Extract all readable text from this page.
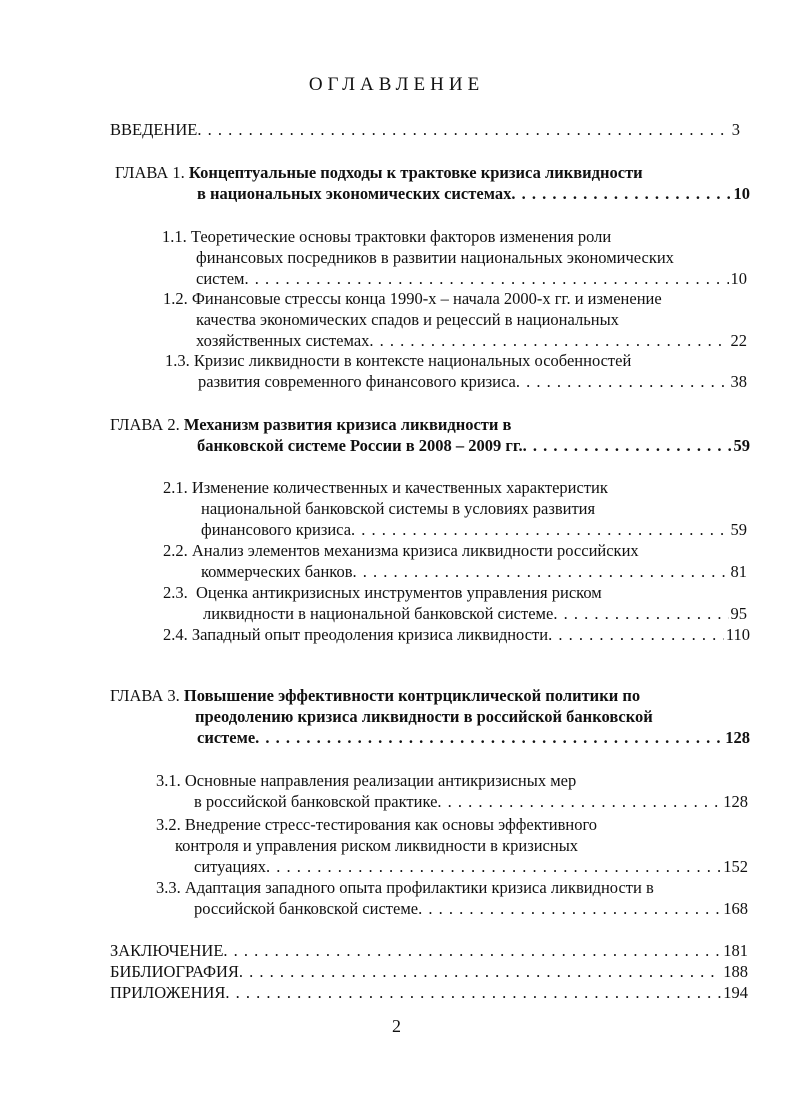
ОГЛАВЛЕНИЕ
ВВЕДЕНИЕ . . .	3
ГЛАВА 1. Концептуальные подходы к трактовке кризиса ликвидности
в национальных экономических системах . . .	10
1.1. Теоретические основы трактовки факторов изменения роли
финансовых посредников в развитии национальных экономических
систем . . .	10
1.2. Финансовые стрессы конца 1990-х – начала 2000-х гг. и изменение
качества экономических спадов и рецессий в национальных
хозяйственных системах . . .	22
1.3. Кризис ликвидности в контексте национальных особенностей
развития современного финансового кризиса . . .	38
ГЛАВА 2. Механизм развития кризиса ликвидности в
банковской системе России в 2008 – 2009 гг. . . .	59
2.1. Изменение количественных и качественных характеристик
национальной банковской системы в условиях развития
финансового кризиса . . .	59
2.2. Анализ элементов механизма кризиса ликвидности российских
коммерческих банков . . .	81
2.3. Оценка антикризисных инструментов управления риском
ликвидности в национальной банковской системе . . .	95
2.4.
Западный опыт преодоления кризиса ликвидности . . .	110
ГЛАВА 3. Повышение эффективности контрциклической политики по
преодолению кризиса ликвидности в российской банковской
системе . . .	128
3.1. Основные направления реализации антикризисных мер
в российской банковской практике . . .	128
3.2. Внедрение стресс-тестирования как основы эффективного
контроля и управления риском ликвидности в кризисных
ситуациях . . .	152
3.3. Адаптация западного опыта профилактики кризиса ликвидности в
российской банковской системе . . .	168
ЗАКЛЮЧЕНИЕ . . .	181
БИБЛИОГРАФИЯ . . .	188
ПРИЛОЖЕНИЯ . . .	194
2
